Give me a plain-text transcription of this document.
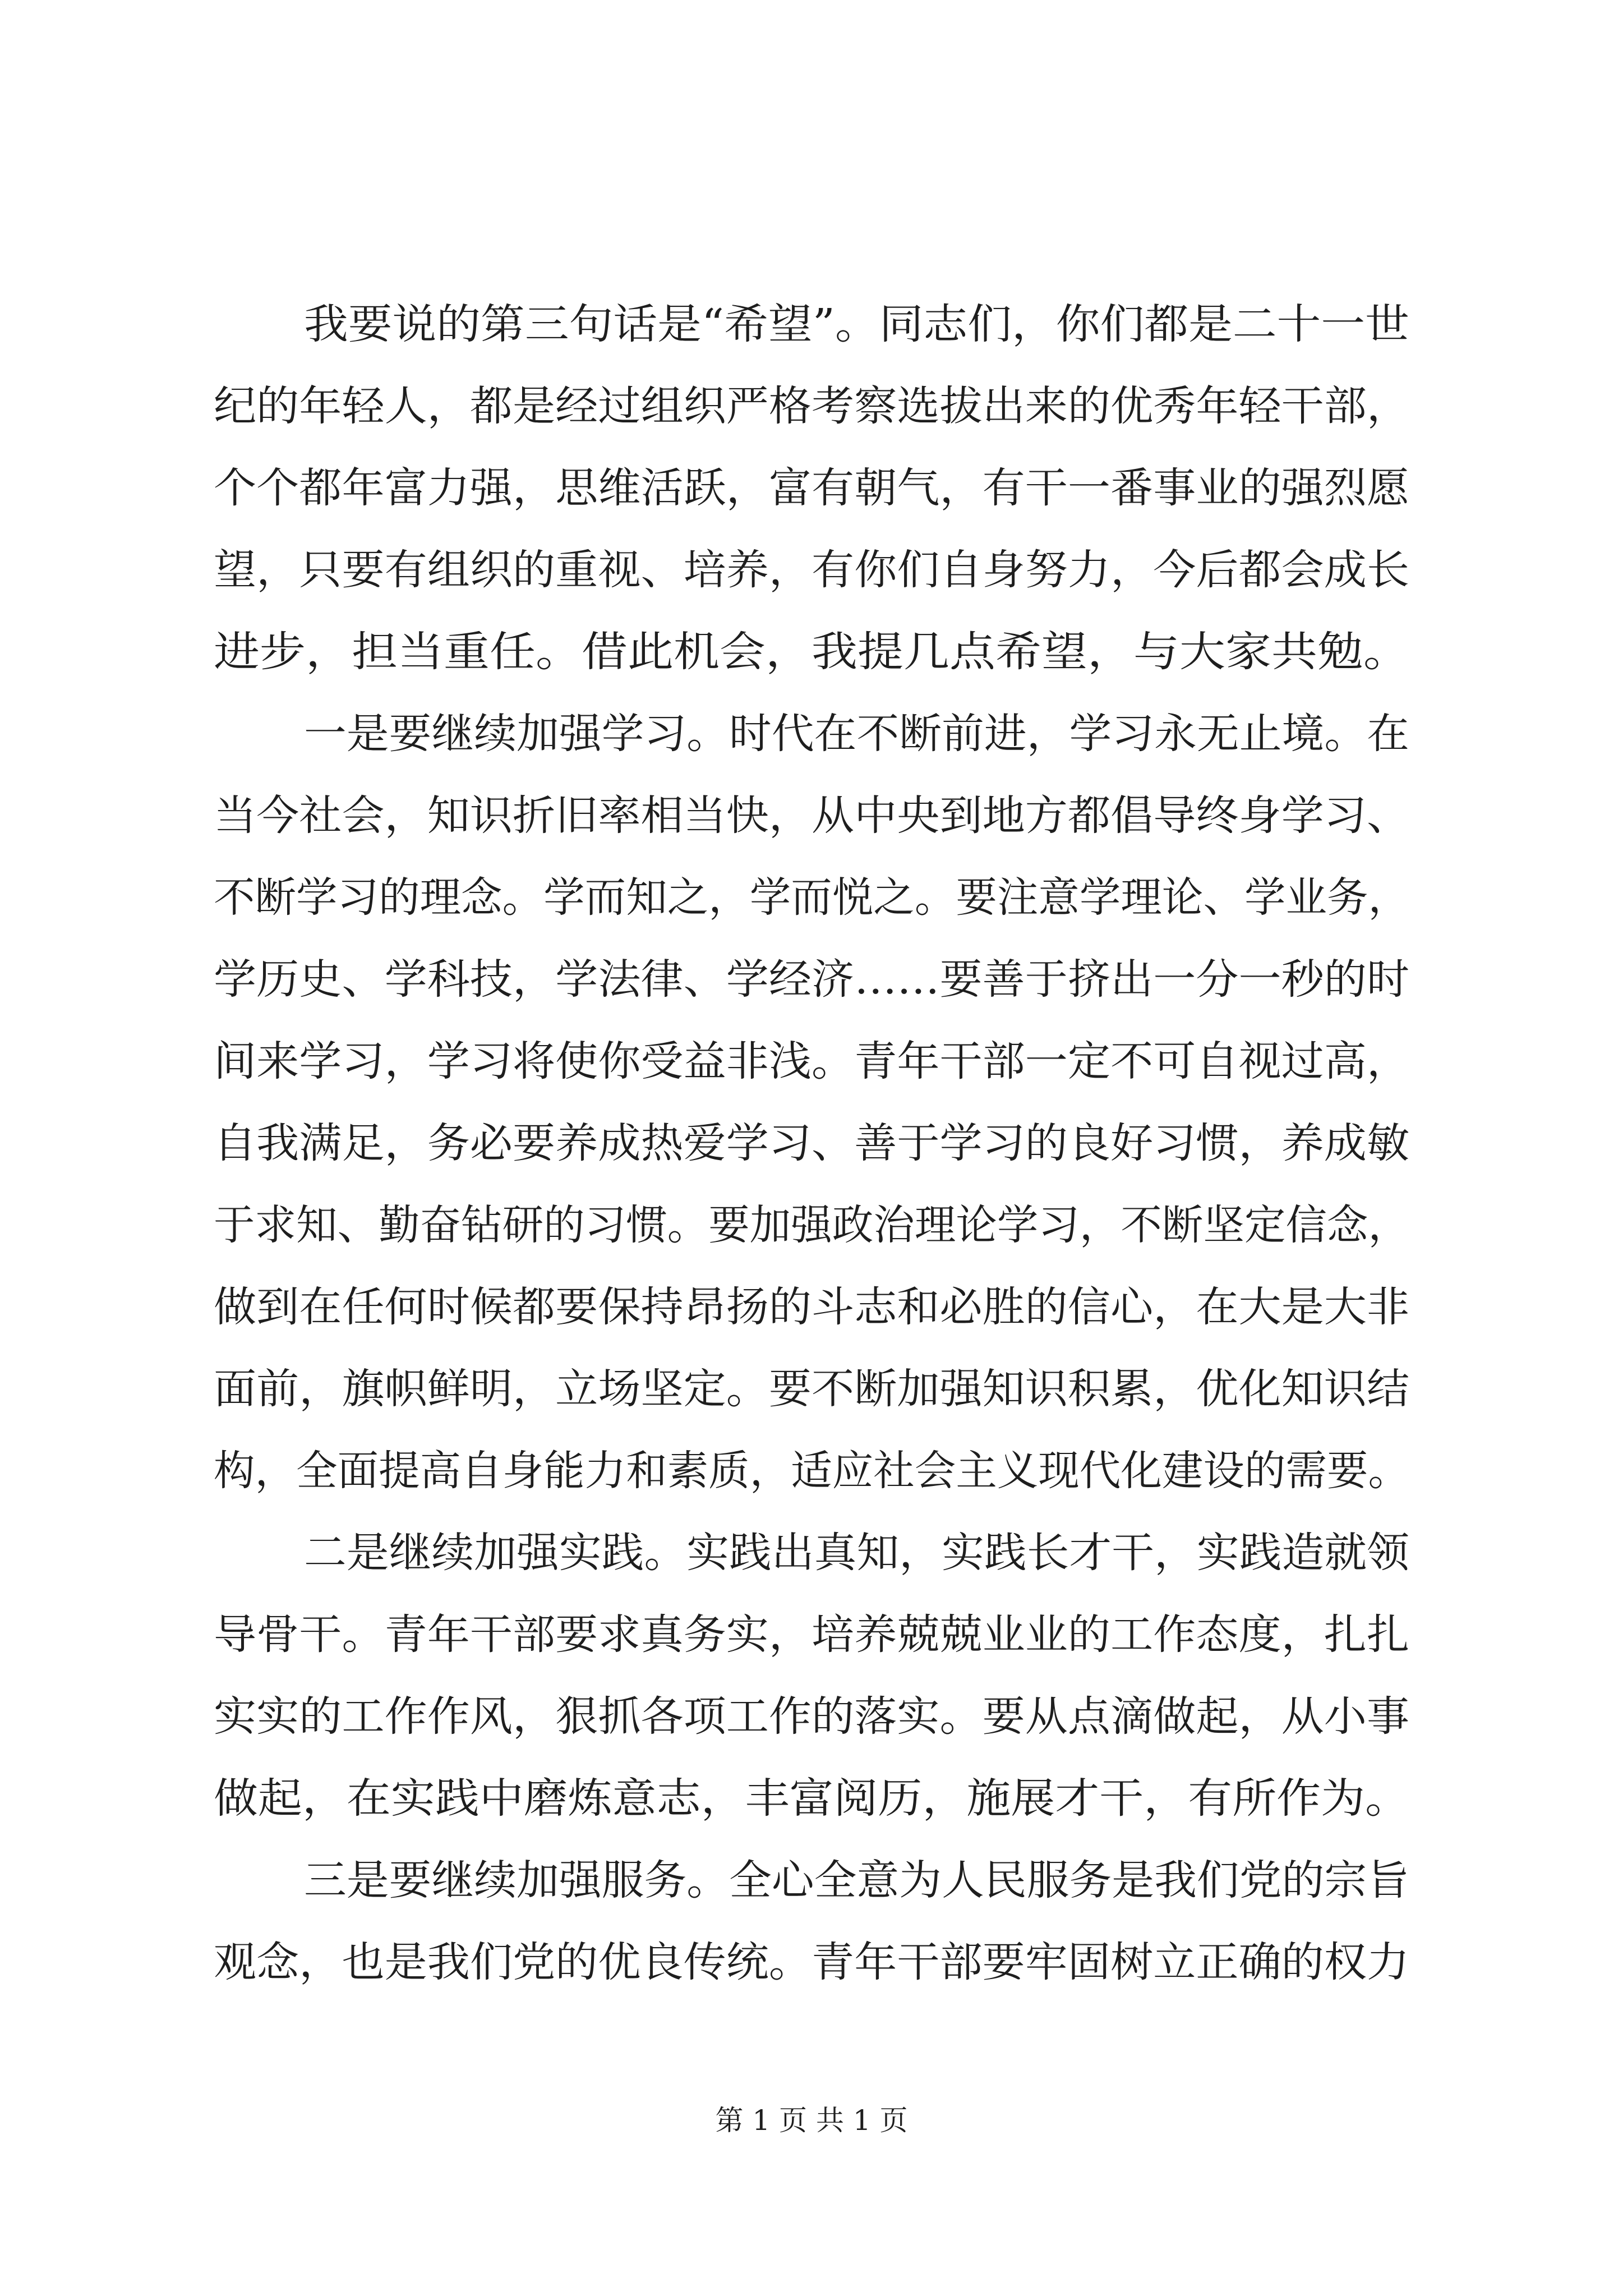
我要说的第三句话是“希望”。同志们，你们都是二十一世
纪的年轻人，都是经过组织严格考察选拔出来的优秀年轻干部，
个个都年富力强，思维活跃，富有朝气，有干一番事业的强烈愿
望，只要有组织的重视、培养，有你们自身努力，今后都会成长
进步，担当重任。借此机会，我提几点希望，与大家共勉。
一是要继续加强学习。时代在不断前进，学习永无止境。在
当今社会，知识折旧率相当快，从中央到地方都倡导终身学习、
不断学习的理念。学而知之，学而悦之。要注意学理论、学业务，
学历史、学科技，学法律、学经济……要善于挤出一分一秒的时
间来学习，学习将使你受益非浅。青年干部一定不可自视过高，
自我满足，务必要养成热爱学习、善于学习的良好习惯，养成敏
于求知、勤奋钻研的习惯。要加强政治理论学习，不断坚定信念，
做到在任何时候都要保持昂扬的斗志和必胜的信心，在大是大非
面前，旗帜鲜明，立场坚定。要不断加强知识积累，优化知识结
构，全面提高自身能力和素质，适应社会主义现代化建设的需要。
二是继续加强实践。实践出真知，实践长才干，实践造就领
导骨干。青年干部要求真务实，培养兢兢业业的工作态度，扎扎
实实的工作作风，狠抓各项工作的落实。要从点滴做起，从小事
做起，在实践中磨炼意志，丰富阅历，施展才干，有所作为。
三是要继续加强服务。全心全意为人民服务是我们党的宗旨
观念，也是我们党的优良传统。青年干部要牢固树立正确的权力
第 1 页 共 1 页
